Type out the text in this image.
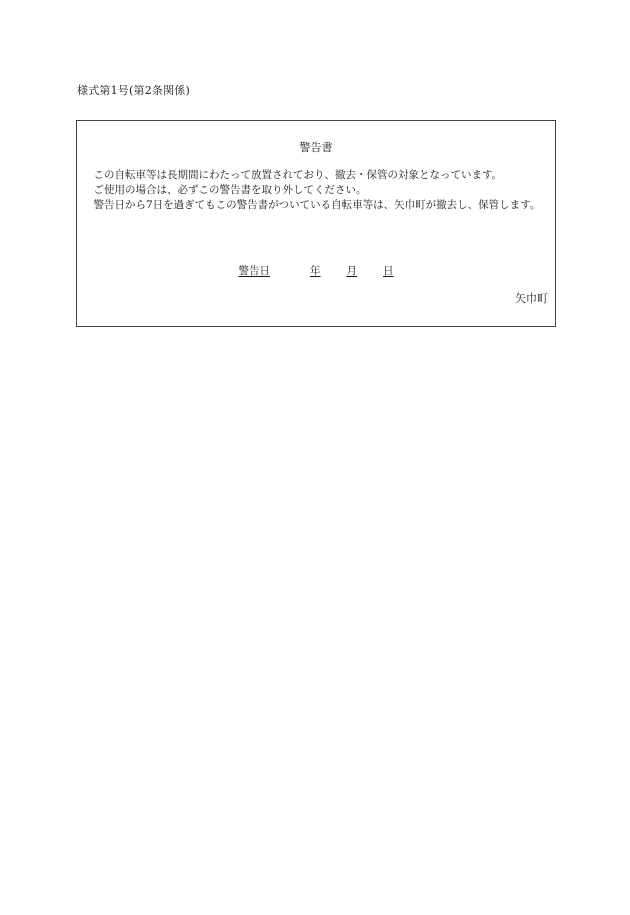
様式第1号(第2条関係)
警告書

この自転車等は長期間にわたって放置されており、撤去・保管の対象となっています。

ご使用の場合は、必ずこの警告書を取り外してください。

警告日から7日を過ぎてもこの警告書がついている自転車等は、矢巾町が撤去し、保管します。

警告日	年 月 日
矢巾町
